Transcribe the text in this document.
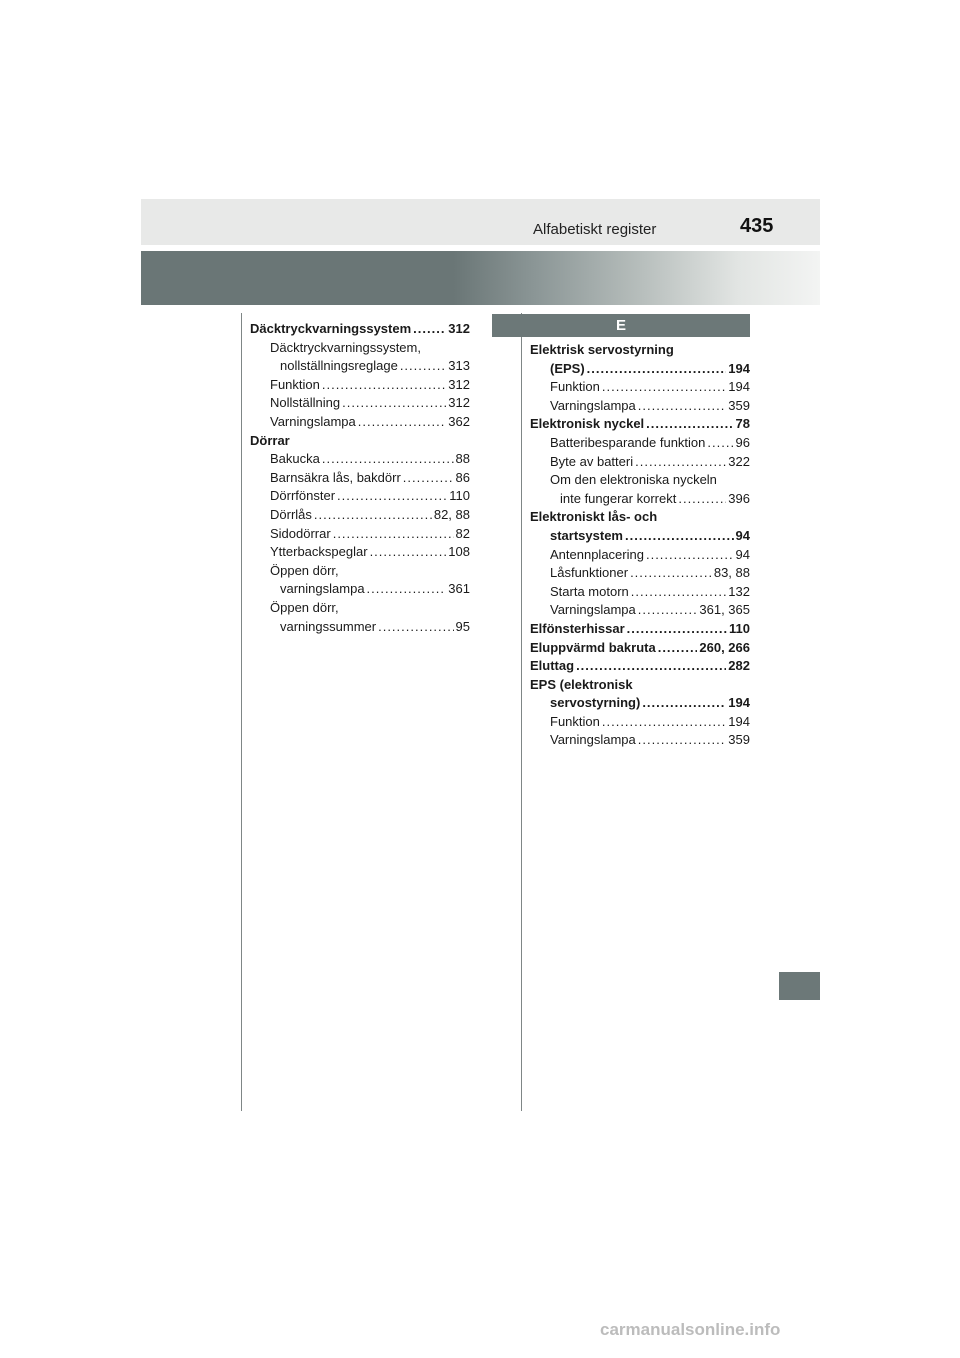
Alfabetiskt register	435
E
Däcktryckvarningssystem .....	312
Däcktryckvarningssystem,
nollställningsreglage .....	313
Funktion .....	312
Nollställning .....	312
Varningslampa .....	362
Dörrar
Bakucka .....	88
Barnsäkra lås, bakdörr .....	86
Dörrfönster .....	110
Dörrlås .....	82, 88
Sidodörrar .....	82
Ytterbackspeglar .....	108
Öppen dörr,
varningslampa .....	361
Öppen dörr,
varningssummer .....	95
Elektrisk servostyrning
(EPS) .....	194
Funktion .....	194
Varningslampa .....	359
Elektronisk nyckel .....	78
Batteribesparande funktion ..... 96
Byte av batteri .....	322
Om den elektroniska nyckeln
inte fungerar korrekt .....	396
Elektroniskt lås- och
startsystem .....	94
Antennplacering .....	94
Låsfunktioner .....	83, 88
Starta motorn .....	132
Varningslampa .....	361, 365
Elfönsterhissar .....	110
Eluppvärmd bakruta .....	260, 266
Eluttag .....	282
EPS (elektronisk
servostyrning) .....	194
Funktion .....	194
Varningslampa .....	359
carmanualsonline.info
